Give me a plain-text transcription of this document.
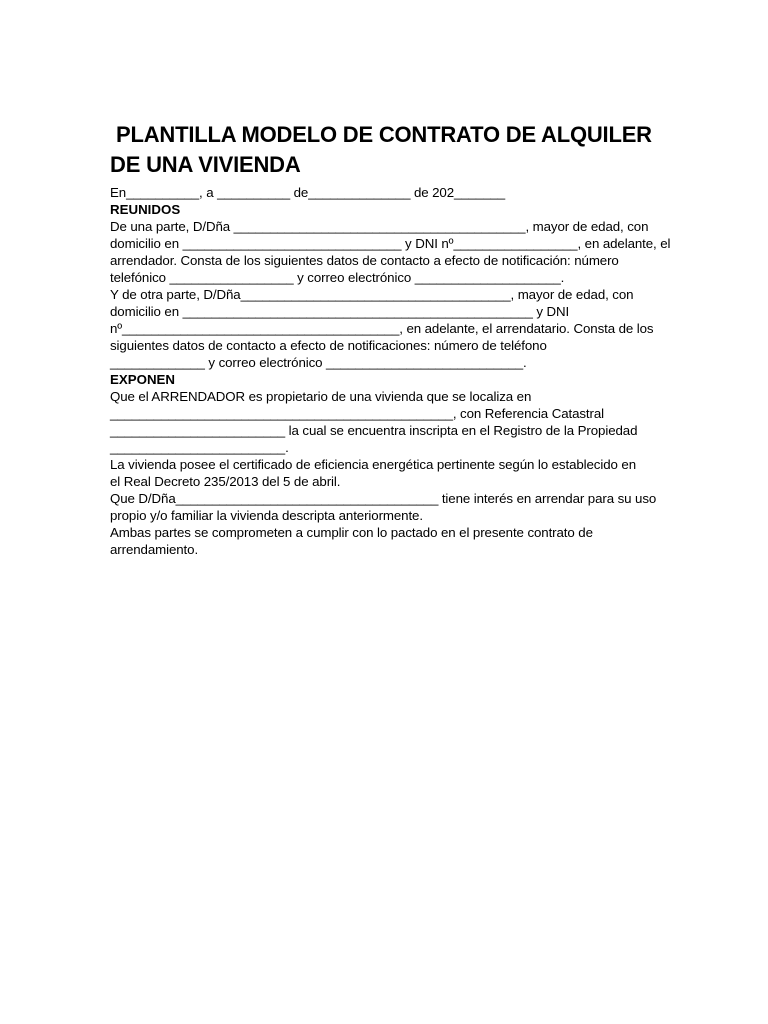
PLANTILLA MODELO DE CONTRATO DE ALQUILER
DE UNA VIVIENDA
En__________, a __________ de______________ de 202_______
REUNIDOS
De una parte, D/Dña ________________________________________, mayor de edad, con
domicilio en ______________________________ y DNI nº_________________, en adelante, el
arrendador. Consta de los siguientes datos de contacto a efecto de notificación: número
telefónico _________________ y correo electrónico ____________________.
Y de otra parte, D/Dña_____________________________________, mayor de edad, con
domicilio en ________________________________________________ y DNI
nº______________________________________, en adelante, el arrendatario. Consta de los
siguientes datos de contacto a efecto de notificaciones: número de teléfono
_____________ y correo electrónico ___________________________.
EXPONEN
Que el ARRENDADOR es propietario de una vivienda que se localiza en
_______________________________________________, con Referencia Catastral
________________________ la cual se encuentra inscripta en el Registro de la Propiedad
________________________.
La vivienda posee el certificado de eficiencia energética pertinente según lo establecido en
el Real Decreto 235/2013 del 5 de abril.
Que D/Dña____________________________________ tiene interés en arrendar para su uso
propio y/o familiar la vivienda descripta anteriormente.
Ambas partes se comprometen a cumplir con lo pactado en el presente contrato de
arrendamiento.
